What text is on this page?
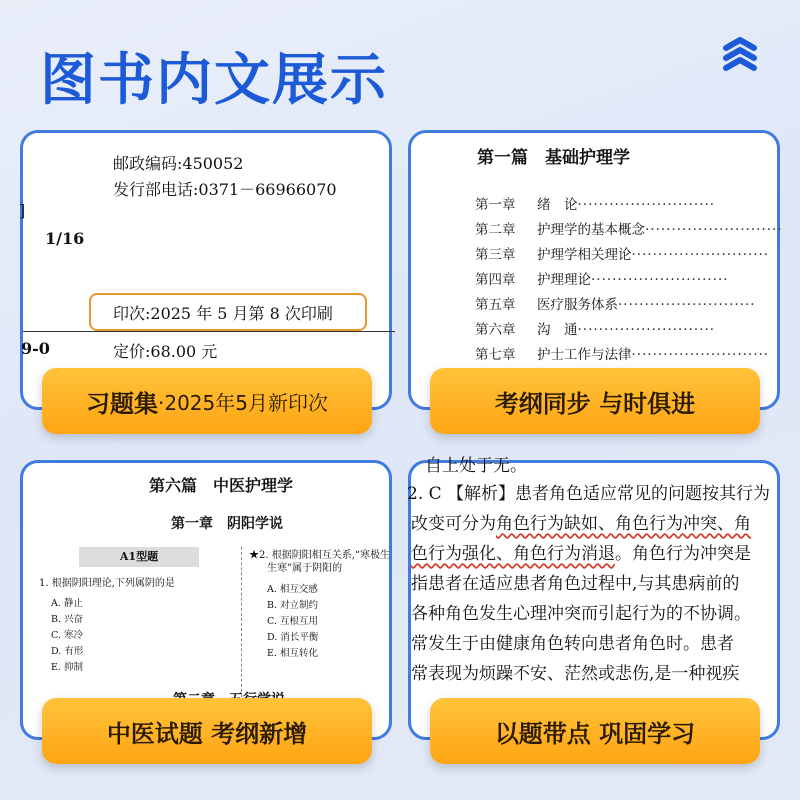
图书内文展示
邮政编码:450052
发行部电话:0371－66966070
]
1/16
印次:2025 年 5 月第 8 次印刷
9-0	定价:68.00 元
习题集 ·2025年5月新印次
第一篇　基础护理学
第一章 绪　论··························
第二章 护理学的基本概念··························
第三章 护理学相关理论··························
第四章 护理理论··························
第五章 医疗服务体系··························
第六章 沟　通··························
第七章 护士工作与法律··························
考纲同步 与时俱进
第六篇　中医护理学
第一章　阴阳学说
A1型题
1. 根据阴阳理论,下列属阴的是
A. 静止
B. 兴奋
C. 寒冷
D. 有形
E. 抑制
★2. 根据阴阳相互关系,“寒极生
生寒”属于阴阳的
A. 相互交感
B. 对立制约
C. 互根互用
D. 消长平衡
E. 相互转化
中医试题 考纲新增
自上处于无。
2. C 【解析】患者角色适应常见的问题按其行为
改变可分为角色行为缺如、角色行为冲突、角
色行为强化、角色行为消退。角色行为冲突是
指患者在适应患者角色过程中,与其患病前的
各种角色发生心理冲突而引起行为的不协调。
常发生于由健康角色转向患者角色时。患者
常表现为烦躁不安、茫然或悲伤,是一种视疾
以题带点 巩固学习
